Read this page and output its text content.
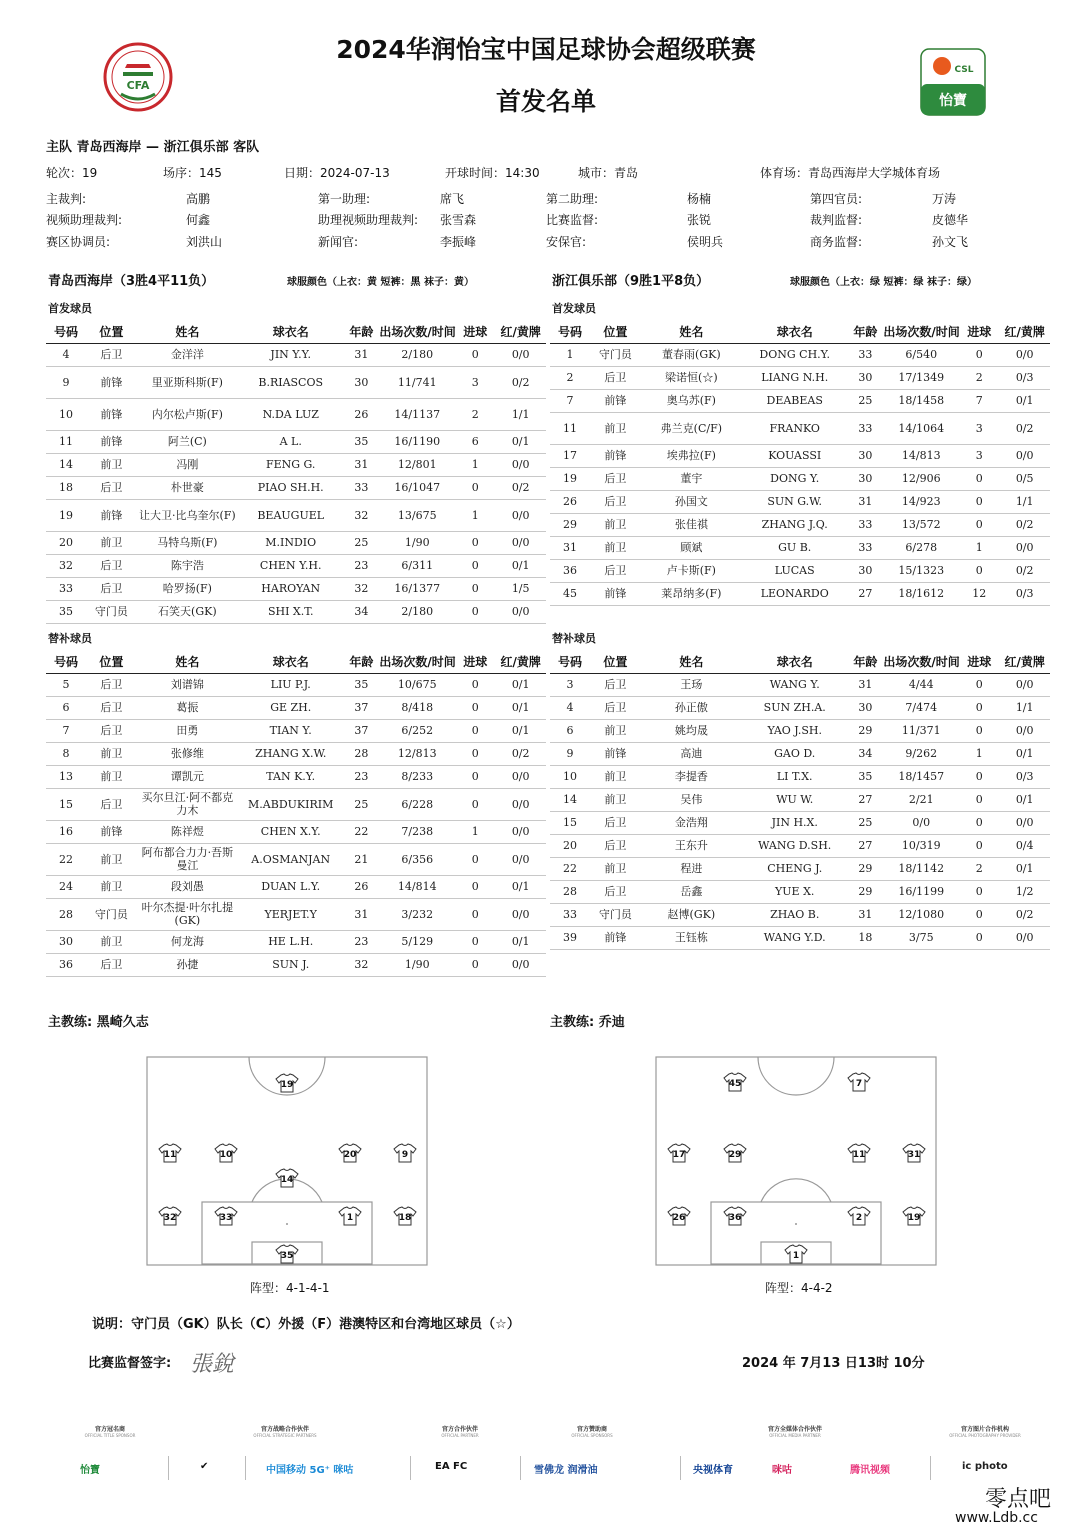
2024华润怡宝中国足球协会超级联赛
首发名单
CFA
CSL
怡寶
主队 青岛西海岸 — 浙江俱乐部 客队
轮次：19	场序：145	日期：2024-07-13	开球时间：14:30	城市：青岛	体育场：青岛西海岸大学城体育场
主裁判:	高鹏	第一助理:	席飞	第二助理:	杨楠	第四官员:	万涛
视频助理裁判:	何鑫	助理视频助理裁判: 张雪森	比赛监督:	张锐	裁判监督:	皮德华
赛区协调员:	刘洪山	新闻官:	李振峰	安保官:	侯明兵	商务监督:	孙文飞
青岛西海岸（3胜4平11负）	球服颜色（上衣：黄 短裤：黑 袜子：黄）	浙江俱乐部（9胜1平8负）	球服颜色（上衣：绿 短裤：绿 袜子：绿）
首发球员	首发球员
替补球员	替补球员
号码	位置	姓名	球衣名	年龄	出场次数/时间	进球	红/黄牌
4	后卫	金洋洋	JIN Y.Y.	31	2/180	0	0/0
9	前锋	里亚斯科斯(F)	B.RIASCOS	30	11/741	3	0/2
10	前锋	内尔松卢斯(F)	N.DA LUZ	26	14/1137	2	1/1
11	前锋	阿兰(C)	A L.	35	16/1190	6	0/1
14	前卫	冯刚	FENG G.	31	12/801	1	0/0
18	后卫	朴世豪	PIAO SH.H.	33	16/1047	0	0/2
19	前锋	让大卫·比乌奎尔(F)	BEAUGUEL	32	13/675	1	0/0
20	前卫	马特乌斯(F)	M.INDIO	25	1/90	0	0/0
32	后卫	陈宇浩	CHEN Y.H.	23	6/311	0	0/1
33	后卫	哈罗扬(F)	HAROYAN	32	16/1377	0	1/5
35	守门员	石笑天(GK)	SHI X.T.	34	2/180	0	0/0
号码	位置	姓名	球衣名	年龄	出场次数/时间	进球	红/黄牌
1	守门员	董春雨(GK)	DONG CH.Y.	33	6/540	0	0/0
2	后卫	梁诺恒(☆)	LIANG N.H.	30	17/1349	2	0/3
7	前锋	奥乌苏(F)	DEABEAS	25	18/1458	7	0/1
11	前卫	弗兰克(C/F)	FRANKO	33	14/1064	3	0/2
17	前锋	埃弗拉(F)	KOUASSI	30	14/813	3	0/0
19	后卫	董宇	DONG Y.	30	12/906	0	0/5
26	后卫	孙国文	SUN G.W.	31	14/923	0	1/1
29	前卫	张佳祺	ZHANG J.Q.	33	13/572	0	0/2
31	前卫	顾斌	GU B.	33	6/278	1	0/0
36	后卫	卢卡斯(F)	LUCAS	30	15/1323	0	0/2
45	前锋	莱昂纳多(F)	LEONARDO	27	18/1612	12	0/3
号码	位置	姓名	球衣名	年龄	出场次数/时间	进球	红/黄牌
5	后卫	刘谱锦	LIU P.J.	35	10/675	0	0/1
6	后卫	葛振	GE ZH.	37	8/418	0	0/1
7	后卫	田勇	TIAN Y.	37	6/252	0	0/1
8	前卫	张修维	ZHANG X.W.	28	12/813	0	0/2
13	前卫	谭凯元	TAN K.Y.	23	8/233	0	0/0
15	后卫	买尔旦江·阿不都克力木	M.ABDUKIRIM	25	6/228	0	0/0
16	前锋	陈祥煜	CHEN X.Y.	22	7/238	1	0/0
22	前卫	阿布都合力力·吾斯曼江	A.OSMANJAN	21	6/356	0	0/0
24	前卫	段刘愚	DUAN L.Y.	26	14/814	0	0/1
28	守门员	叶尔杰提·叶尔扎提(GK)	YERJET.Y	31	3/232	0	0/0
30	前卫	何龙海	HE L.H.	23	5/129	0	0/1
36	后卫	孙捷	SUN J.	32	1/90	0	0/0
号码	位置	姓名	球衣名	年龄	出场次数/时间	进球	红/黄牌
3	后卫	王玚	WANG Y.	31	4/44	0	0/0
4	后卫	孙正傲	SUN ZH.A.	30	7/474	0	1/1
6	前卫	姚均晟	YAO J.SH.	29	11/371	0	0/0
9	前锋	高迪	GAO D.	34	9/262	1	0/1
10	前卫	李提香	LI T.X.	35	18/1457	0	0/3
14	前卫	吴伟	WU W.	27	2/21	0	0/1
15	后卫	金浩翔	JIN H.X.	25	0/0	0	0/0
20	后卫	王东升	WANG D.SH.	27	10/319	0	0/4
22	前卫	程进	CHENG J.	29	18/1142	2	0/1
28	后卫	岳鑫	YUE X.	29	16/1199	0	1/2
33	守门员	赵博(GK)	ZHAO B.	31	12/1080	0	0/2
39	前锋	王钰栋	WANG Y.D.	18	3/75	0	0/0
主教练: 黑崎久志	主教练: 乔迪
19
11	10	20	9
14
32	33	1	18
35
45	7
17	29	11	31
26	36	2	19
1
阵型：4-1-4-1	阵型：4-4-2
说明：守门员（GK）队长（C）外援（F）港澳特区和台湾地区球员（☆）
比赛监督签字: 張銳	2024 年 7月13 日13时 10分
官方冠名商
OFFICIAL TITLE SPONSOR
官方战略合作伙伴
OFFICIAL STRATEGIC PARTNERS
官方合作伙伴
OFFICIAL PARTNER
官方赞助商
OFFICIAL SPONSORS
官方全媒体合作伙伴
OFFICIAL MEDIA PARTNER
官方图片合作机构
OFFICIAL PHOTOGRAPHY PROVIDER
怡寶	✔	中国移动 5G⁺ 咪咕	EA FC	雪佛龙 润滑油	央视体育	咪咕	腾讯视频	ic photo
零点吧
www.Ldb.cc
